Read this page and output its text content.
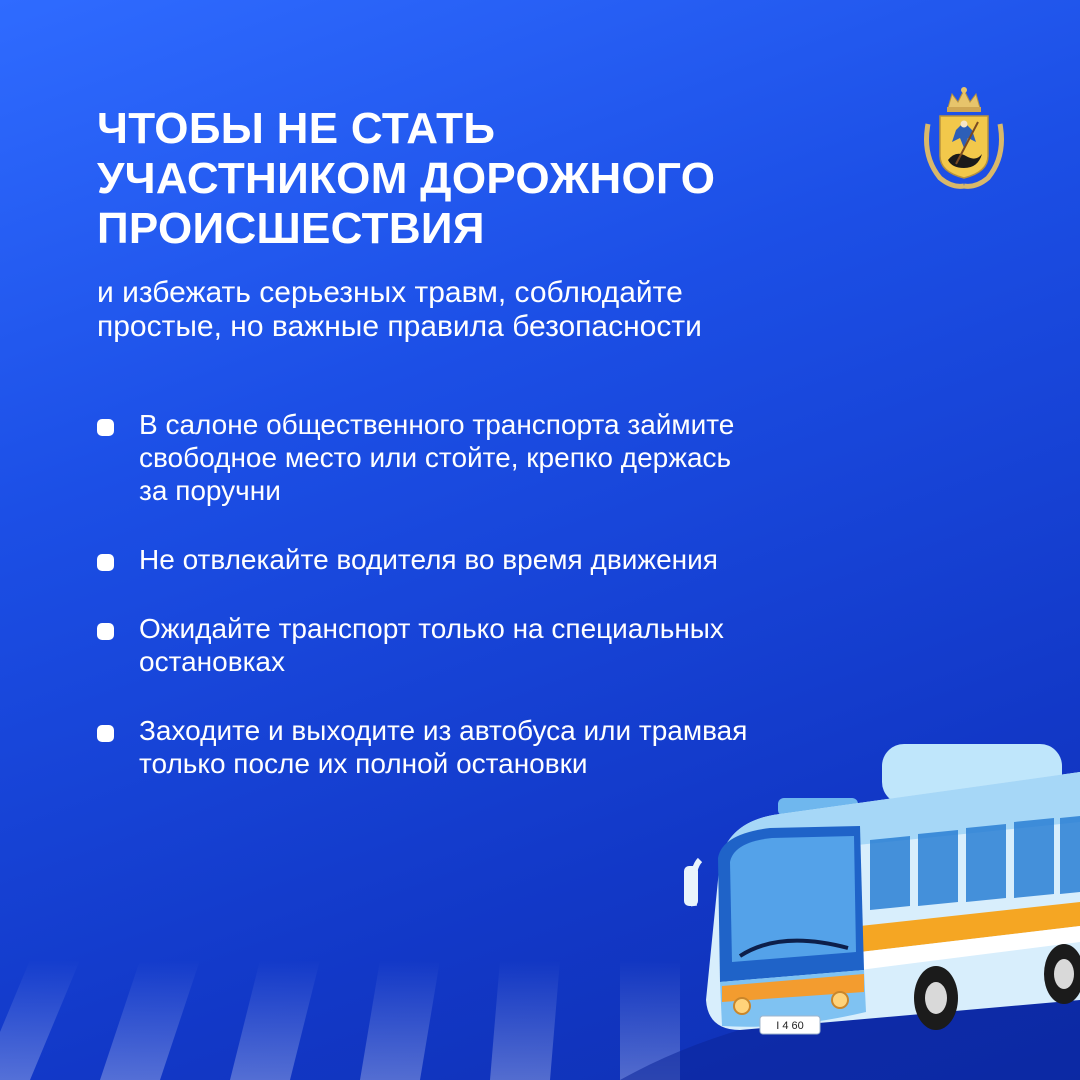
ЧТОБЫ НЕ СТАТЬ
УЧАСТНИКОМ ДОРОЖНОГО
ПРОИСШЕСТВИЯ
и избежать серьезных травм, соблюдайте
простые, но важные правила безопасности
В салоне общественного транспорта займите
свободное место или стойте, крепко держась
за поручни
Не отвлекайте водителя во время движения
Ожидайте транспорт только на специальных
остановках
Заходите и выходите из автобуса или трамвая
только после их полной остановки
I 4 60
